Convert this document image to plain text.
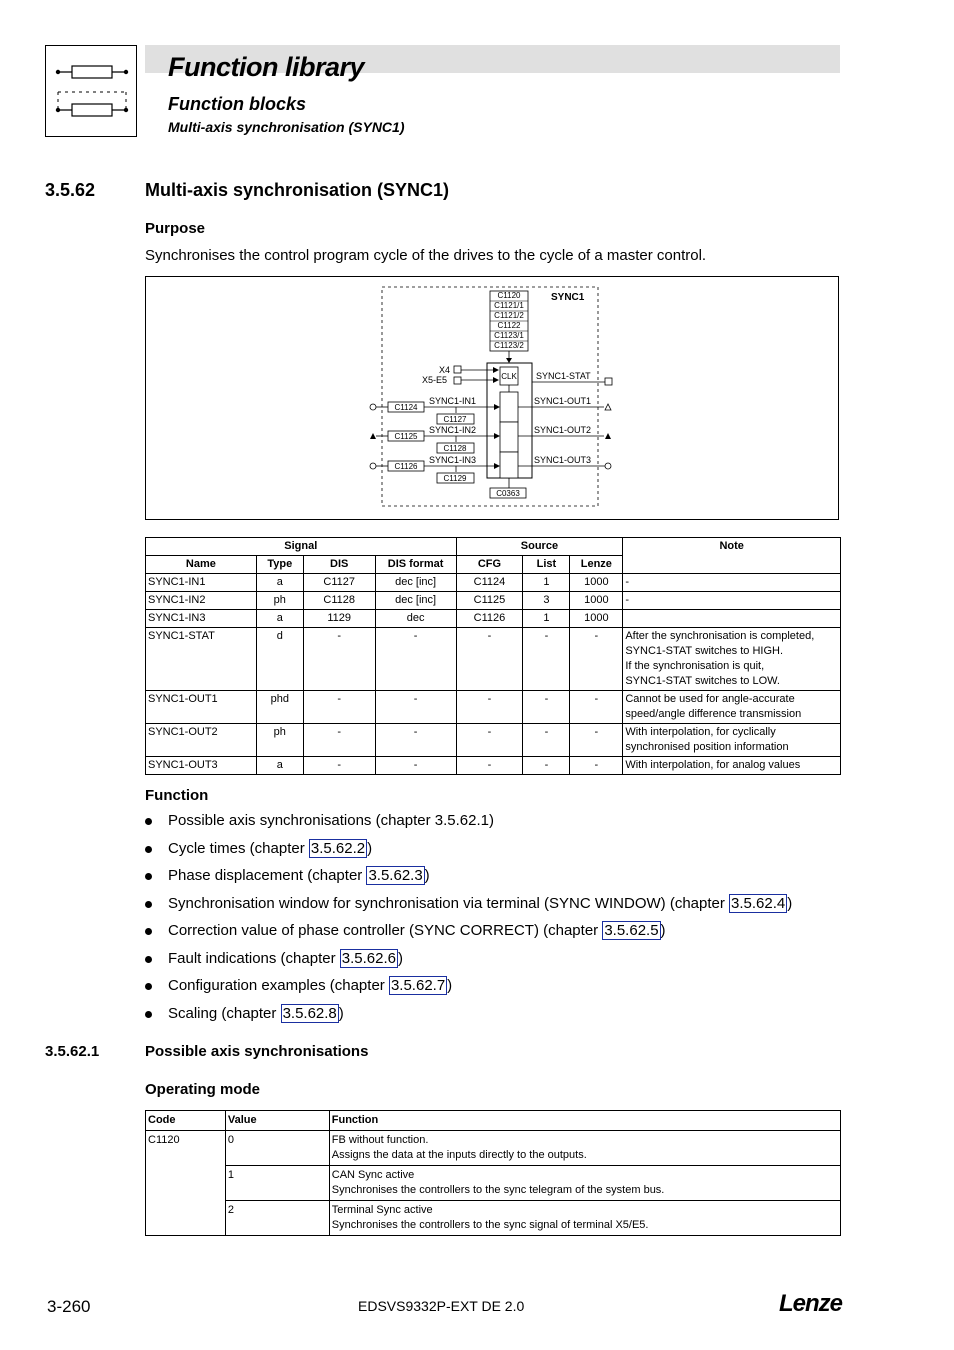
Function library
Function blocks
Multi-axis synchronisation (SYNC1)
3.5.62	Multi-axis synchronisation (SYNC1)
Purpose
Synchronises the control program cycle of the drives to the cycle of a master control.
SYNC1
C1120
C1121/1
C1121/2
C1122
C1123/1
C1123/2
CLK
X4
X5-E5	SYNC1-STAT
C1124
SYNC1-IN1
C1127
C1125
SYNC1-IN2
C1128
C1126
SYNC1-IN3
C1129
SYNC1-OUT1
SYNC1-OUT2
SYNC1-OUT3
C0363
Signal				Source			Note
Name	Type	DIS	DIS format	CFG	List	Lenze	
SYNC1-IN1	a	C1127	dec [inc]	C1124	1	1000	-

SYNC1-IN2	ph	C1128	dec [inc]	C1125	3	1000	-

SYNC1-IN3	a	1129	dec	C1126	1	1000	

SYNC1-STAT	d	-	-	-	-	-	After the synchronisation is completed,
SYNC1-STAT switches to HIGH.
If the synchronisation is quit,
SYNC1-STAT switches to LOW.

SYNC1-OUT1	phd	-	-	-	-	-	Cannot be used for angle-accurate
speed/angle difference transmission

SYNC1-OUT2	ph	-	-	-	-	-	With interpolation, for cyclically
synchronised position information

SYNC1-OUT3	a	-	-	-	-	-	With interpolation, for analog values
Function
Possible axis synchronisations (chapter 3.5.62.1)
Cycle times (chapter 3.5.62.2 )
Phase displacement (chapter 3.5.62.3 )
Synchronisation window for synchronisation via terminal (SYNC WINDOW) (chapter 3.5.62.4 )
Correction value of phase controller (SYNC CORRECT) (chapter 3.5.62.5 )
Fault indications (chapter 3.5.62.6 )
Configuration examples (chapter 3.5.62.7 )
Scaling (chapter 3.5.62.8 )
3.5.62.1	Possible axis synchronisations
Operating mode
Code	Value	Function
C1120	0	FB without function.
Assigns the data at the inputs directly to the outputs.

	1	CAN Sync active
Synchronises the controllers to the sync telegram of the system bus.

	2	Terminal Sync active
Synchronises the controllers to the sync signal of terminal X5/E5.
3-260	EDSVS9332P-EXT DE 2.0	Lenze
